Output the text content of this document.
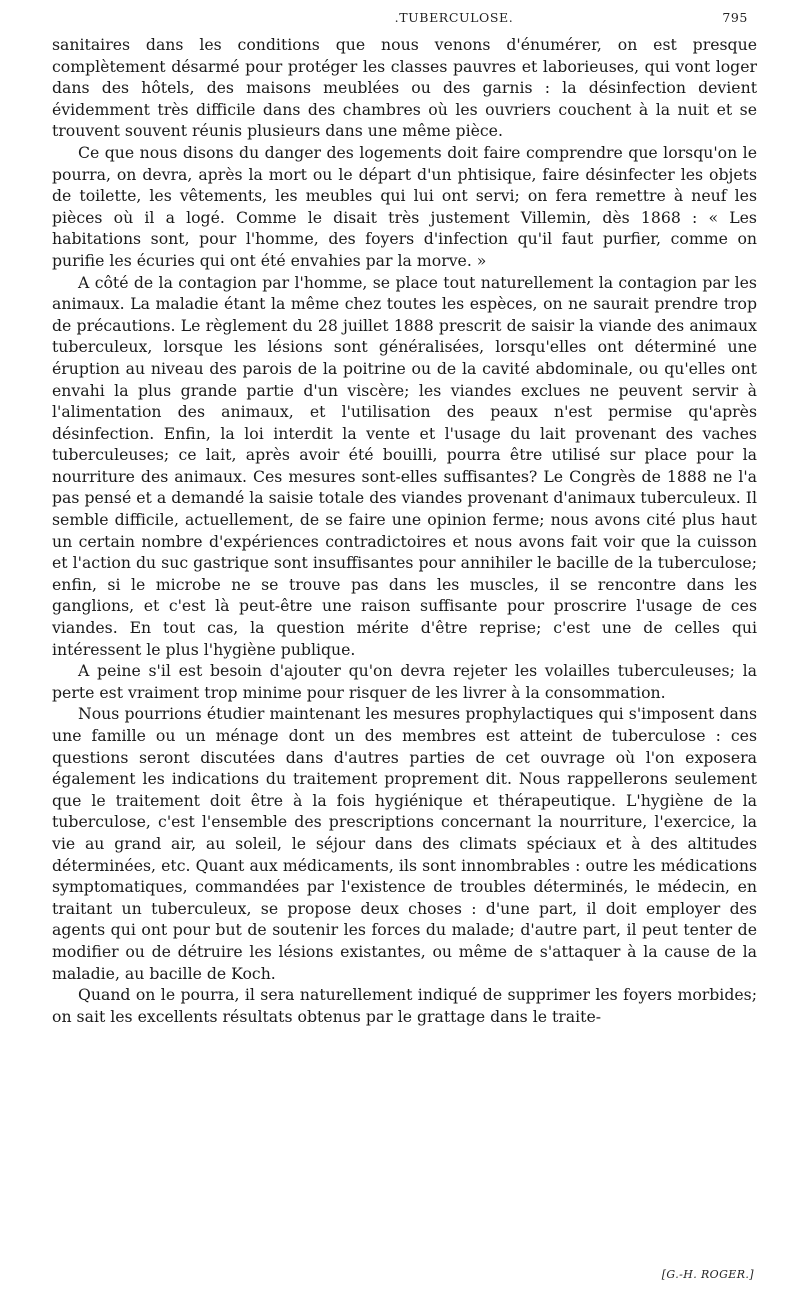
.TUBERCULOSE.	795

sanitaires dans les conditions que nous venons d'énumérer, on est presque complètement désarmé pour protéger les classes pauvres et laborieuses, qui vont loger dans des hôtels, des maisons meublées ou des garnis : la désinfection devient évidemment très difficile dans des chambres où les ouvriers couchent à la nuit et se trouvent souvent réunis plusieurs dans une même pièce.

Ce que nous disons du danger des logements doit faire comprendre que lorsqu'on le pourra, on devra, après la mort ou le départ d'un phtisique, faire désinfecter les objets de toilette, les vêtements, les meubles qui lui ont servi; on fera remettre à neuf les pièces où il a logé. Comme le disait très justement Villemin, dès 1868 : « Les habitations sont, pour l'homme, des foyers d'infection qu'il faut purfier, comme on purifie les écuries qui ont été envahies par la morve. »

A côté de la contagion par l'homme, se place tout naturellement la contagion par les animaux. La maladie étant la même chez toutes les espèces, on ne saurait prendre trop de précautions. Le règlement du 28 juillet 1888 prescrit de saisir la viande des animaux tuberculeux, lorsque les lésions sont généralisées, lorsqu'elles ont déterminé une éruption au niveau des parois de la poitrine ou de la cavité abdominale, ou qu'elles ont envahi la plus grande partie d'un viscère; les viandes exclues ne peuvent servir à l'alimentation des animaux, et l'utilisation des peaux n'est permise qu'après désinfection. Enfin, la loi interdit la vente et l'usage du lait provenant des vaches tuberculeuses; ce lait, après avoir été bouilli, pourra être utilisé sur place pour la nourriture des animaux. Ces mesures sont-elles suffisantes? Le Congrès de 1888 ne l'a pas pensé et a demandé la saisie totale des viandes provenant d'animaux tuberculeux. Il semble difficile, actuellement, de se faire une opinion ferme; nous avons cité plus haut un certain nombre d'expériences contradictoires et nous avons fait voir que la cuisson et l'action du suc gastrique sont insuffisantes pour annihiler le bacille de la tuberculose; enfin, si le microbe ne se trouve pas dans les muscles, il se rencontre dans les ganglions, et c'est là peut-être une raison suffisante pour proscrire l'usage de ces viandes. En tout cas, la question mérite d'être reprise; c'est une de celles qui intéressent le plus l'hygiène publique.

A peine s'il est besoin d'ajouter qu'on devra rejeter les volailles tuberculeuses; la perte est vraiment trop minime pour risquer de les livrer à la consommation.

Nous pourrions étudier maintenant les mesures prophylactiques qui s'imposent dans une famille ou un ménage dont un des membres est atteint de tuberculose : ces questions seront discutées dans d'autres parties de cet ouvrage où l'on exposera également les indications du traitement proprement dit. Nous rappellerons seulement que le traitement doit être à la fois hygiénique et thérapeutique. L'hygiène de la tuberculose, c'est l'ensemble des prescriptions concernant la nourriture, l'exercice, la vie au grand air, au soleil, le séjour dans des climats spéciaux et à des altitudes déterminées, etc. Quant aux médicaments, ils sont innombrables : outre les médications symptomatiques, commandées par l'existence de troubles déterminés, le médecin, en traitant un tuberculeux, se propose deux choses : d'une part, il doit employer des agents qui ont pour but de soutenir les forces du malade; d'autre part, il peut tenter de modifier ou de détruire les lésions existantes, ou même de s'attaquer à la cause de la maladie, au bacille de Koch.

Quand on le pourra, il sera naturellement indiqué de supprimer les foyers morbides; on sait les excellents résultats obtenus par le grattage dans le traite-

[G.-H. ROGER.]
